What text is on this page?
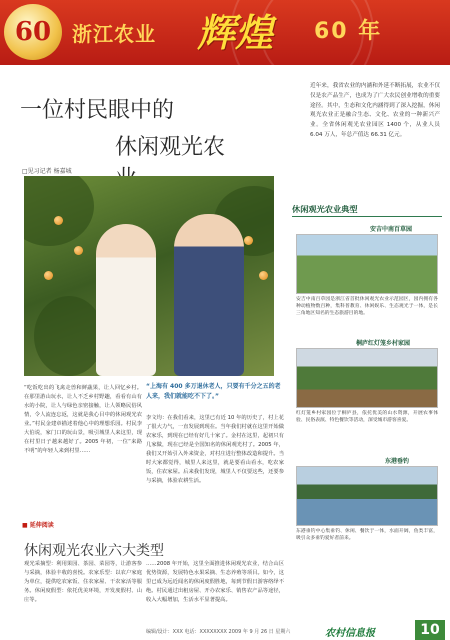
60 浙江农业 辉煌 60 年
一位村民眼中的
休闲观光农
□见习记者 杨嘉城
近年来，我省农业的内涵和外延不断拓展，农业不仅仅是农产品生产，也成为了广大农民创业增收的重要途径。其中，生态和文化内涵得到了深入挖掘，休闲观光农业正是融合生态、文化、农业的一种新兴产业。全省休闲观光农业园区 1400 个，从业人员 6.04 万人，年总产值达 66.31 亿元。
“吃饭吃出的飞禽走兽和鲜蔬果，让人回忆乡村。在那里游山玩水，让人不乏乡村野趣，看看有山有水的小院，让人与绿色亲密接触，让人领略民俗风情，令人流连忘返，这就是我心目中的休闲观光农业。”村民金建章描述着他心中的理想乐园。村民李大伯说，家门口的玩山景，吸引城里人来这里，现在村里日子越来越好了。2005 年初，一位“来路不明”的年轻人来到村里……
“上海有 400 多万退休老人，只要有千分之五的老人来，我们就能吃不下了。”
李文均：在我们看来，这里已有近 10 年的历史了，村上花了很大力气，一直发展到现在。当年我们村就在这里开始做农家乐，到现在已经有好几十家了。金村在这里，起初只有几家做，现在已经是全国知名的休闲观光村了。2005 年，我们又开始引入外来资金，对村庄进行整体改造和提升。当时大家都觉得，城里人来这里，就是要看山看水，吃农家饭，住农家屋。后来我们发现，城里人不仅要这些，还要参与采摘，体验农耕生活。
……2008 年开始，这里全面推进休闲观光农业，结合山区优势资源，发展特色水果采摘、生态养殖等项目。如今，这里已成为远近闻名的休闲度假胜地，每到节假日游客络绎不绝。村民通过出租房屋、开办农家乐、销售农产品等途径，收入大幅增加，生活水平显著提高。
休闲观光农业典型
安吉中南百草园
安吉中南百草园是浙江省首批休闲观光农业示范园区，园内拥有各种动植物数百种，集科普教育、休闲娱乐、生态观光于一体，是长三角地区知名的生态旅游目的地。
桐庐红灯笼乡村家园
红灯笼乡村家园位于桐庐县，依托优美的山水资源，开展农事体验、民俗表演、特色餐饮等活动，深受城市游客喜爱。
东港垂钓
东港垂钓中心集垂钓、休闲、餐饮于一体，水面开阔，鱼类丰富，吸引众多垂钓爱好者前来。
■ 延伸阅读
休闲观光农业六大类型
观光采摘型：利用果园、茶园、菜园等，让游客参与采摘，体验丰收的喜悦。农家乐型：以农户家庭为单位，提供吃农家饭、住农家屋、干农家活等服务。休闲度假型：依托优美环境，开发度假村、山庄等。
编辑/设计：XXX 电话：XXXXXXXX 2009 年 9 月 26 日 星期六	农村信息报	10
